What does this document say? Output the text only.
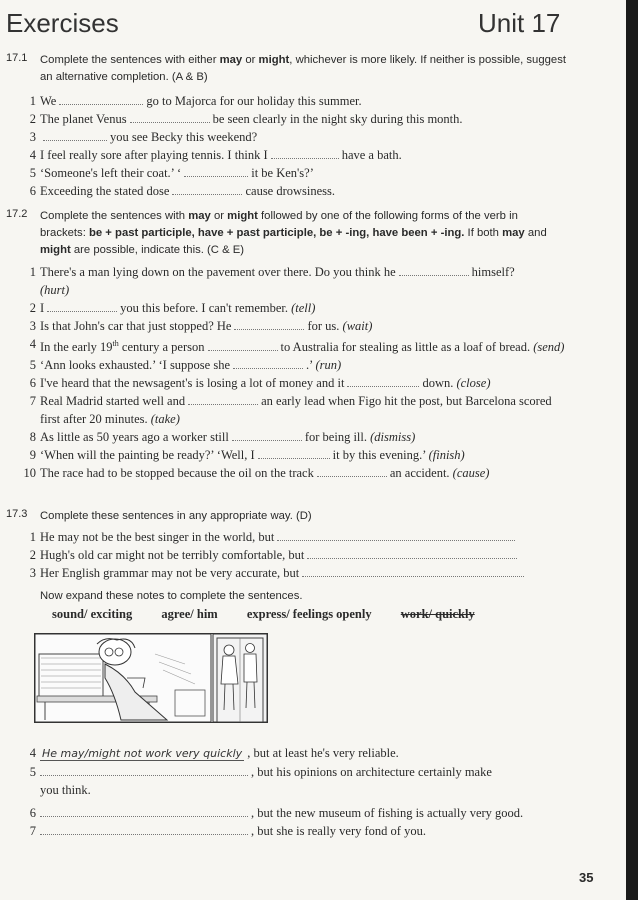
Exercises	Unit 17
17.1 Complete the sentences with either may or might, whichever is more likely. If neither is possible, suggest an alternative completion. (A & B)
1 We	go to Majorca for our holiday this summer.
2 The planet Venus	be seen clearly in the night sky during this month.
3	you see Becky this weekend?
4 I feel really sore after playing tennis. I think I	have a bath.
5 ‘Someone's left their coat.’ ‘	it be Ken's?’
6 Exceeding the stated dose	cause drowsiness.
17.2 Complete the sentences with may or might followed by one of the following forms of the verb in brackets: be + past participle, have + past participle, be + -ing, have been + -ing. If both may and might are possible, indicate this. (C & E)
1 There's a man lying down on the pavement over there. Do you think he	himself?
(hurt)
2 I	you this before. I can't remember. (tell)
3 Is that John's car that just stopped? He	for us. (wait)
4 In the early 19th century a person	to Australia for stealing as little as a loaf of bread. (send)
5 ‘Ann looks exhausted.’ ‘I suppose she	.’ (run)
6 I've heard that the newsagent's is losing a lot of money and it	down. (close)
7 Real Madrid started well and	an early lead when Figo hit the post, but Barcelona scored first after 20 minutes. (take)
8 As little as 50 years ago a worker still	for being ill. (dismiss)
9 ‘When will the painting be ready?’ ‘Well, I	it by this evening.’ (finish)
10 The race had to be stopped because the oil on the track	an accident. (cause)
17.3 Complete these sentences in any appropriate way. (D)
1 He may not be the best singer in the world, but
2 Hugh's old car might not be terribly comfortable, but
3 Her English grammar may not be very accurate, but
Now expand these notes to complete the sentences.
sound/ exciting agree/ him express/ feelings openly work/ quickly
4 He may/might not work very quickly , but at least he's very reliable.
5	, but his opinions on architecture certainly make
you think.
6	, but the new museum of fishing is actually very good.
7	, but she is really very fond of you.
35
